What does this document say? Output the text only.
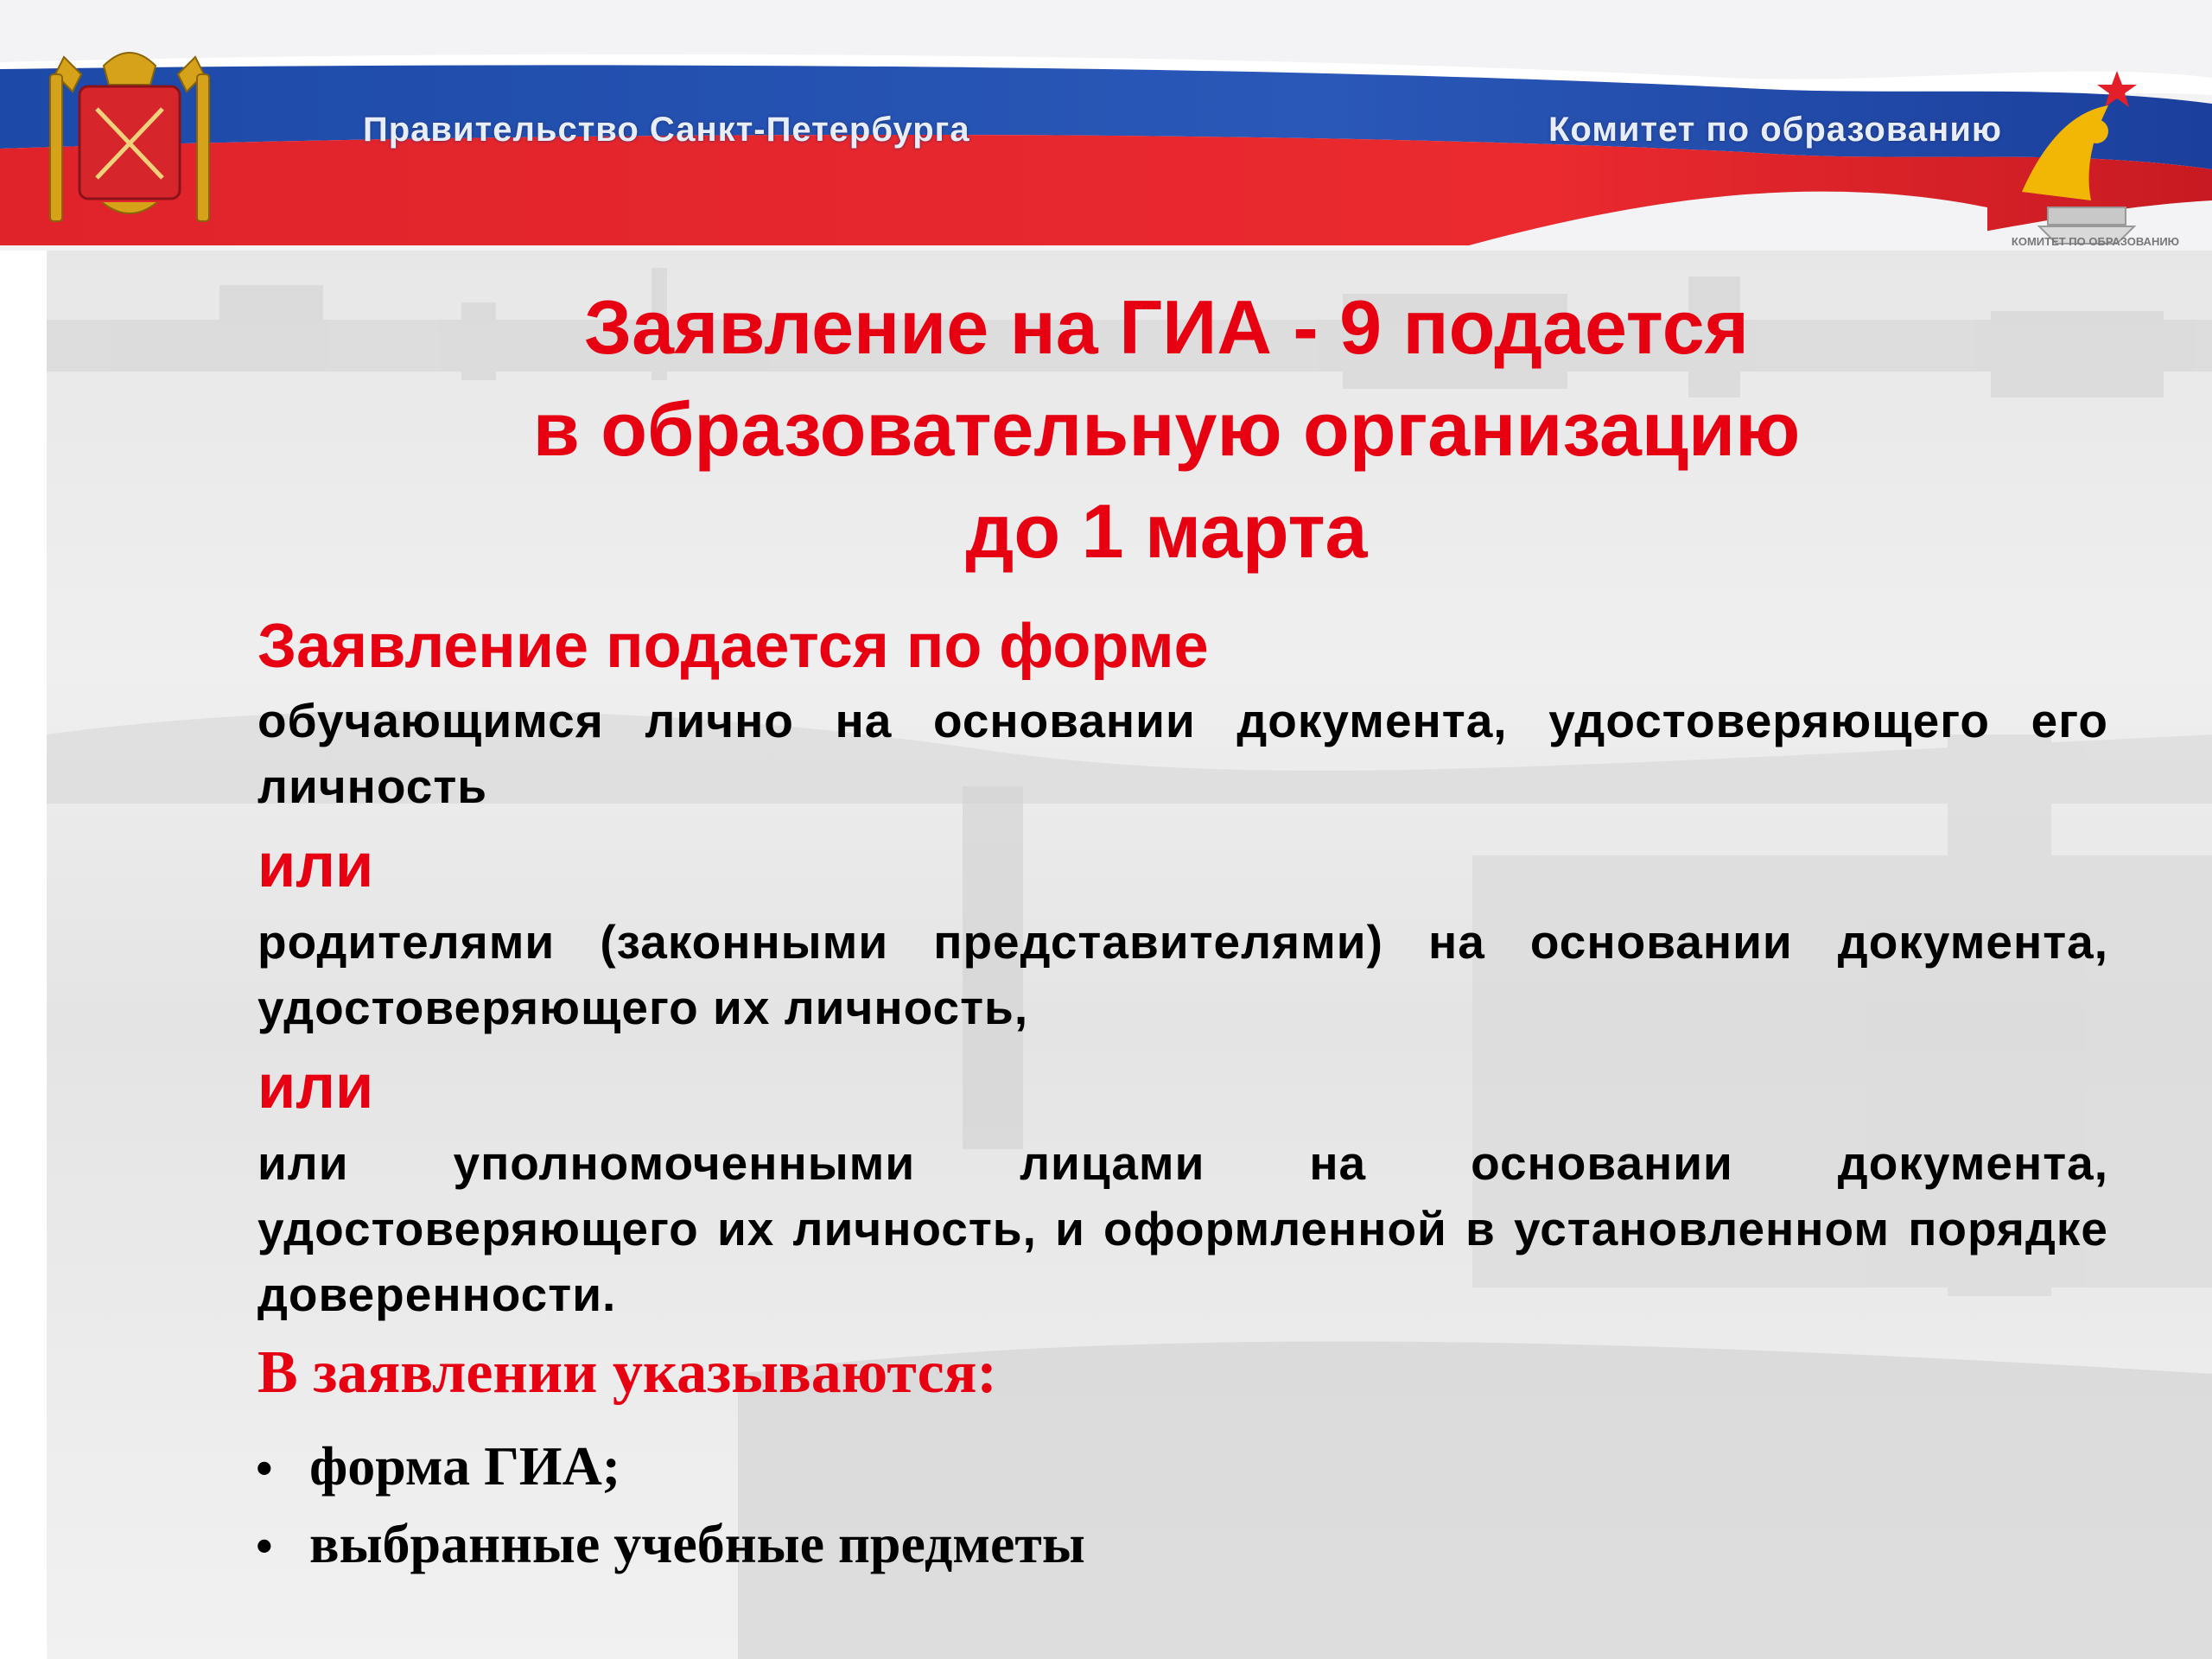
Правительство Санкт-Петербурга	Комитет по образованию
КОМИТЕТ ПО ОБРАЗОВАНИЮ
Заявление на ГИА - 9 подается
в образовательную организацию
до 1 марта
Заявление подается по форме

обучающимся лично на основании документа, удостоверяющего его личность

или

родителями (законными представителями) на основании документа, удостоверяющего их личность,

или

или уполномоченными лицами на основании документа, удостоверяющего их личность, и оформленной в установленном порядке доверенности.

В заявлении указываются:
• форма ГИА;
• выбранные учебные предметы
